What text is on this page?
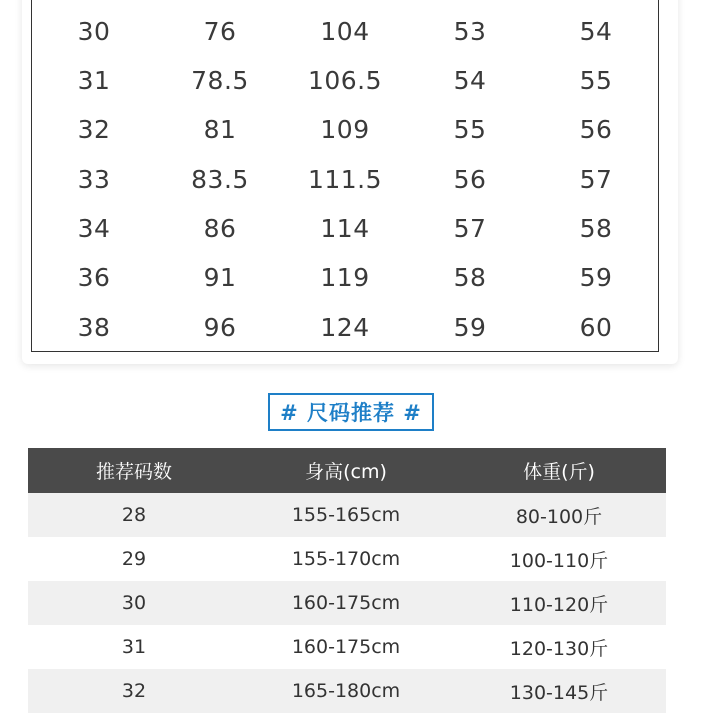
30	76	104	53	54
31	78.5	106.5	54	55
32	81	109	55	56
33	83.5	111.5	56	57
34	86	114	57	58
36	91	119	58	59
38	96	124	59	60
# 尺码推荐 #
推荐码数	身高(cm)	体重(斤)
28	155-165cm	80-100斤
29	155-170cm	100-110斤
30	160-175cm	110-120斤
31	160-175cm	120-130斤
32	165-180cm	130-145斤
